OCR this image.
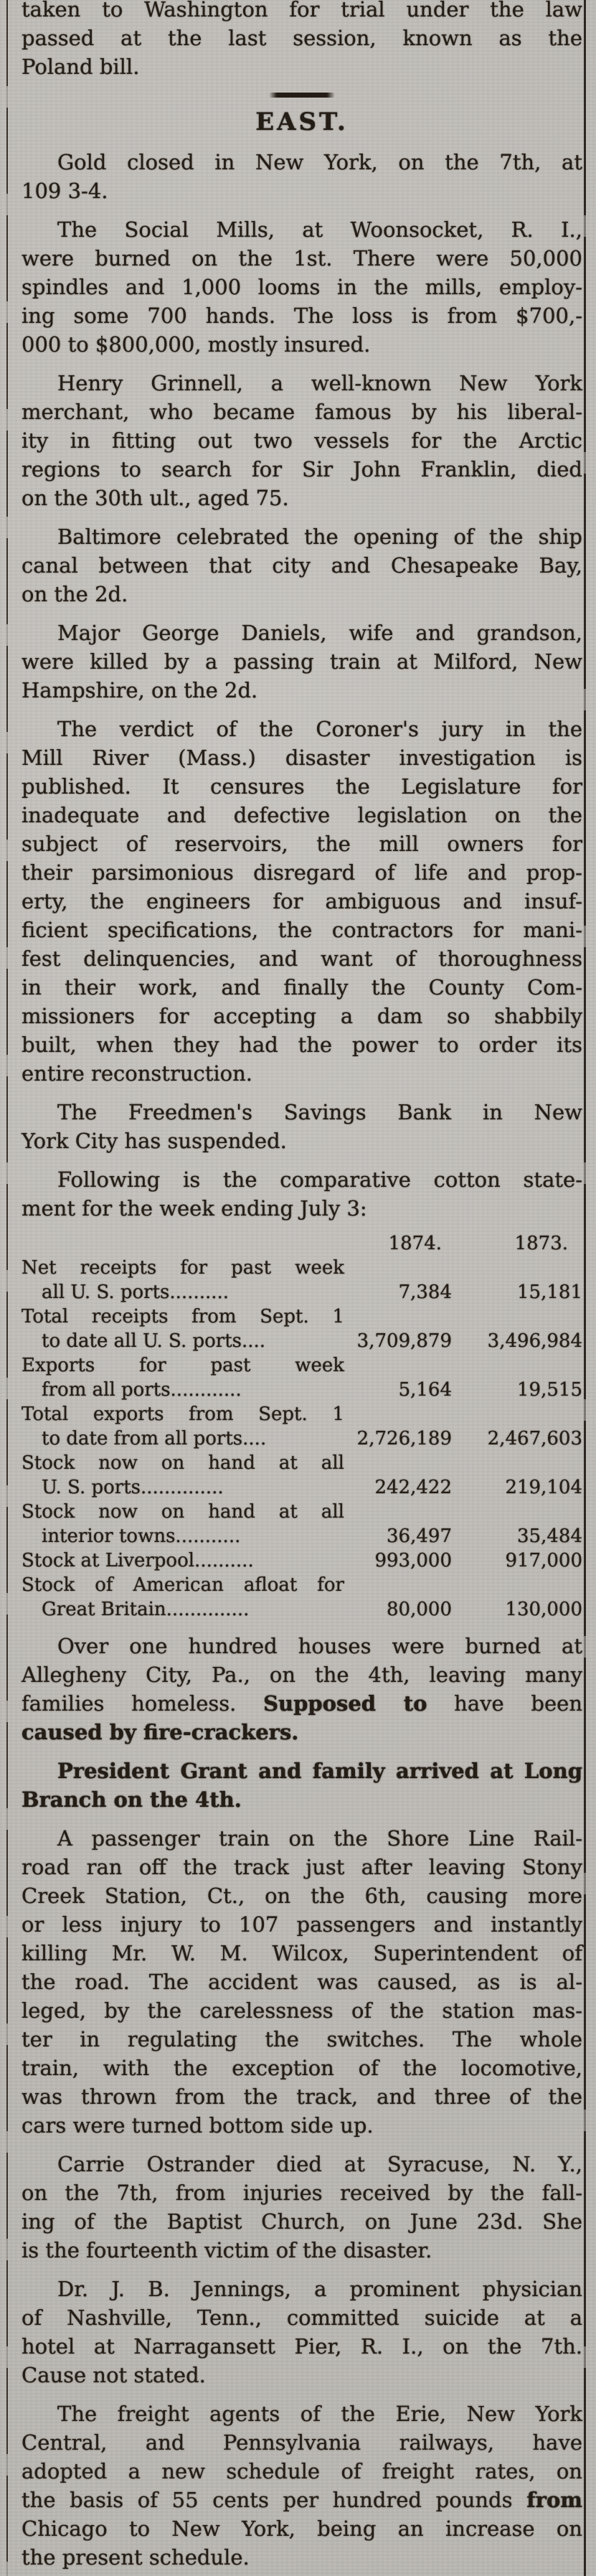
taken to Washington for trial under the law
passed at the last session, known as the
Poland bill.
EAST.
Gold closed in New York, on the 7th, at
109 3-4.
The Social Mills, at Woonsocket, R. I.,
were burned on the 1st. There were 50,000
spindles and 1,000 looms in the mills, employ-
ing some 700 hands. The loss is from $700,-
000 to $800,000, mostly insured.
Henry Grinnell, a well-known New York
merchant, who became famous by his liberal-
ity in fitting out two vessels for the Arctic
regions to search for Sir John Franklin, died
on the 30th ult., aged 75.
Baltimore celebrated the opening of the ship
canal between that city and Chesapeake Bay,
on the 2d.
Major George Daniels, wife and grandson,
were killed by a passing train at Milford, New
Hampshire, on the 2d.
The verdict of the Coroner's jury in the
Mill River (Mass.) disaster investigation is
published. It censures the Legislature for
inadequate and defective legislation on the
subject of reservoirs, the mill owners for
their parsimonious disregard of life and prop-
erty, the engineers for ambiguous and insuf-
ficient specifications, the contractors for mani-
fest delinquencies, and want of thoroughness
in their work, and finally the County Com-
missioners for accepting a dam so shabbily
built, when they had the power to order its
entire reconstruction.
The Freedmen's Savings Bank in New
York City has suspended.
Following is the comparative cotton state-
ment for the week ending July 3:
1874.	1873.
Net receipts for past week
all U. S. ports..........	7,384	15,181
Total receipts from Sept. 1
to date all U. S. ports....	3,709,879	3,496,984
Exports for past week
from all ports............	5,164	19,515
Total exports from Sept. 1
to date from all ports....	2,726,189	2,467,603
Stock now on hand at all
U. S. ports..............	242,422	219,104
Stock now on hand at all
interior towns...........	36,497	35,484
Stock at Liverpool..........	993,000	917,000
Stock of American afloat for
Great Britain..............	80,000	130,000
Over one hundred houses were burned at
Allegheny City, Pa., on the 4th, leaving many
families homeless. Supposed to have been
caused by fire-crackers.
President Grant and family arrived at Long
Branch on the 4th.
A passenger train on the Shore Line Rail-
road ran off the track just after leaving Stony
Creek Station, Ct., on the 6th, causing more
or less injury to 107 passengers and instantly
killing Mr. W. M. Wilcox, Superintendent of
the road. The accident was caused, as is al-
leged, by the carelessness of the station mas-
ter in regulating the switches. The whole
train, with the exception of the locomotive,
was thrown from the track, and three of the
cars were turned bottom side up.
Carrie Ostrander died at Syracuse, N. Y.,
on the 7th, from injuries received by the fall-
ing of the Baptist Church, on June 23d. She
is the fourteenth victim of the disaster.
Dr. J. B. Jennings, a prominent physician
of Nashville, Tenn., committed suicide at a
hotel at Narragansett Pier, R. I., on the 7th.
Cause not stated.
The freight agents of the Erie, New York
Central, and Pennsylvania railways, have
adopted a new schedule of freight rates, on
the basis of 55 cents per hundred pounds from
Chicago to New York, being an increase on
the present schedule.
